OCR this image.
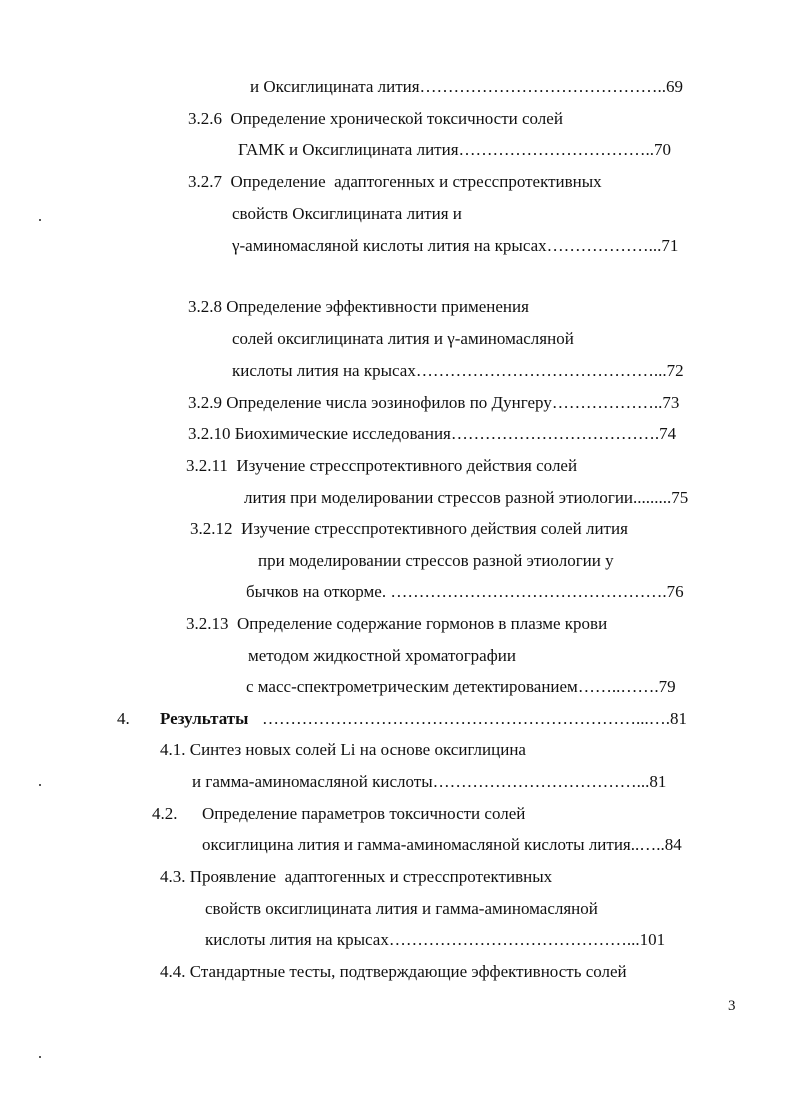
и Оксиглицината лития……………………………………..69
3.2.6  Определение хронической токсичности солей
ГАМК и Оксиглицината лития……………………………..70
3.2.7  Определение  адаптогенных и стресспротективных
свойств Оксиглицината лития и
γ-аминомасляной кислоты лития на крысах………………...71
3.2.8 Определение эффективности применения
солей оксиглицината лития и γ-аминомасляной
кислоты лития на крысах……………………………………...72
3.2.9 Определение числа эозинофилов по Дунгеру………………..73
3.2.10 Биохимические исследования……………………………….74
3.2.11  Изучение стресспротективного действия солей
лития при моделировании стрессов разной этиологии.........75
3.2.12  Изучение стресспротективного действия солей лития
при моделировании стрессов разной этиологии у
бычков на откорме. ………………………………………….76
3.2.13  Определение содержание гормонов в плазме крови
методом жидкостной хроматографии
с масс-спектрометрическим детектированием……..…….79
4. Результаты …………………………………………………………...….81
4.1. Синтез новых солей Li на основе оксиглицина
и гамма-аминомасляной кислоты………………………………...81
4.2. Определение параметров токсичности солей
оксиглицина лития и гамма-аминомасляной кислоты лития..…..84
4.3. Проявление  адаптогенных и стресспротективных
свойств оксиглицината лития и гамма-аминомасляной
кислоты лития на крысах……………………………………...101
4.4. Стандартные тесты, подтверждающие эффективность солей
3
